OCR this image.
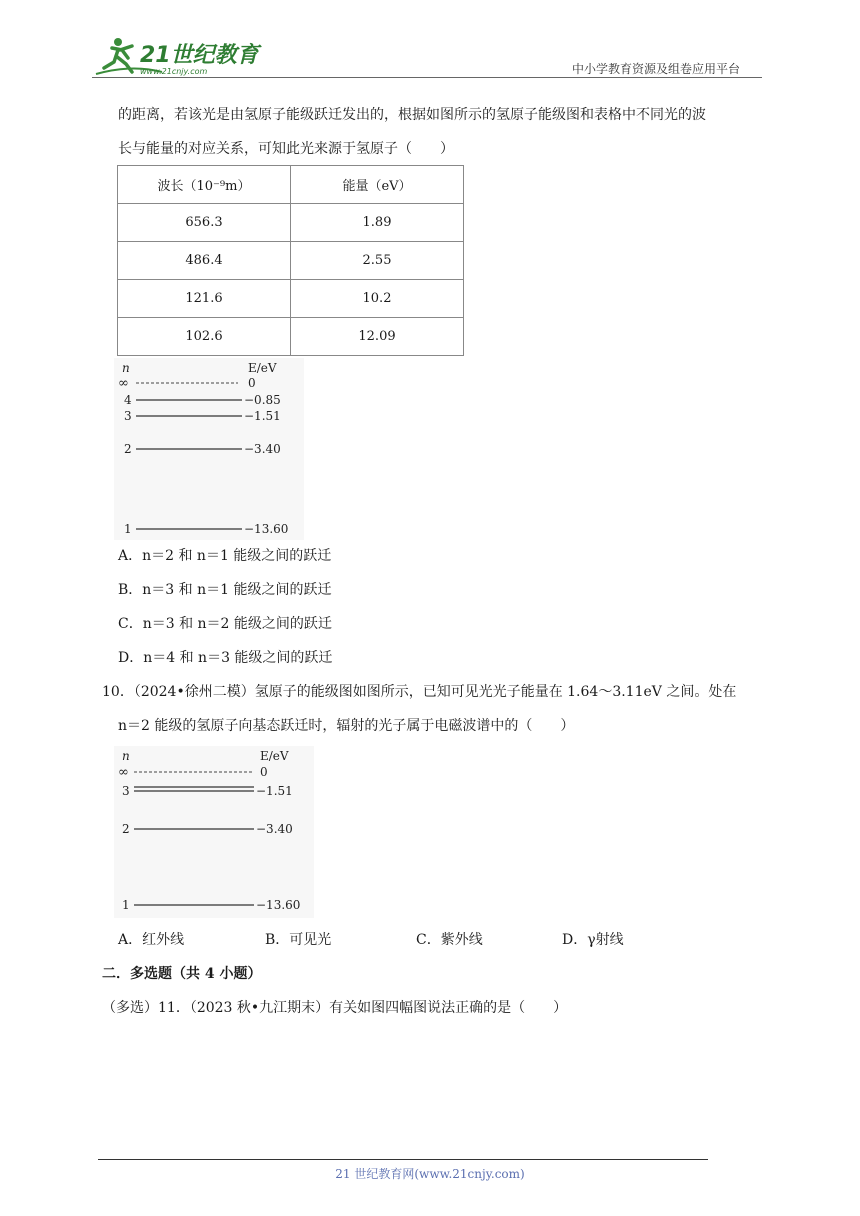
21世纪教育
www.21cnjy.com	中小学教育资源及组卷应用平台
的距离，若该光是由氢原子能级跃迁发出的，根据如图所示的氢原子能级图和表格中不同光的波
长与能量的对应关系，可知此光来源于氢原子（　　）
波长（10⁻⁹m）	能量（eV）
656.3	1.89
486.4	2.55
121.6	10.2
102.6	12.09
n	E/eV
∞	0
4	−0.85
3	−1.51
2	−3.40
1	−13.60
A．n＝2 和 n＝1 能级之间的跃迁
B．n＝3 和 n＝1 能级之间的跃迁
C．n＝3 和 n＝2 能级之间的跃迁
D．n＝4 和 n＝3 能级之间的跃迁
10．（2024•徐州二模）氢原子的能级图如图所示，已知可见光光子能量在 1.64～3.11eV 之间。处在
n＝2 能级的氢原子向基态跃迁时，辐射的光子属于电磁波谱中的（　　）
n	E/eV
∞	0
3	−1.51
2	−3.40
1	−13.60
A．红外线	B．可见光	C．紫外线	D．γ射线
二．多选题（共 4 小题）
（多选）11．（2023 秋•九江期末）有关如图四幅图说法正确的是（　　）
21 世纪教育网(www.21cnjy.com)
